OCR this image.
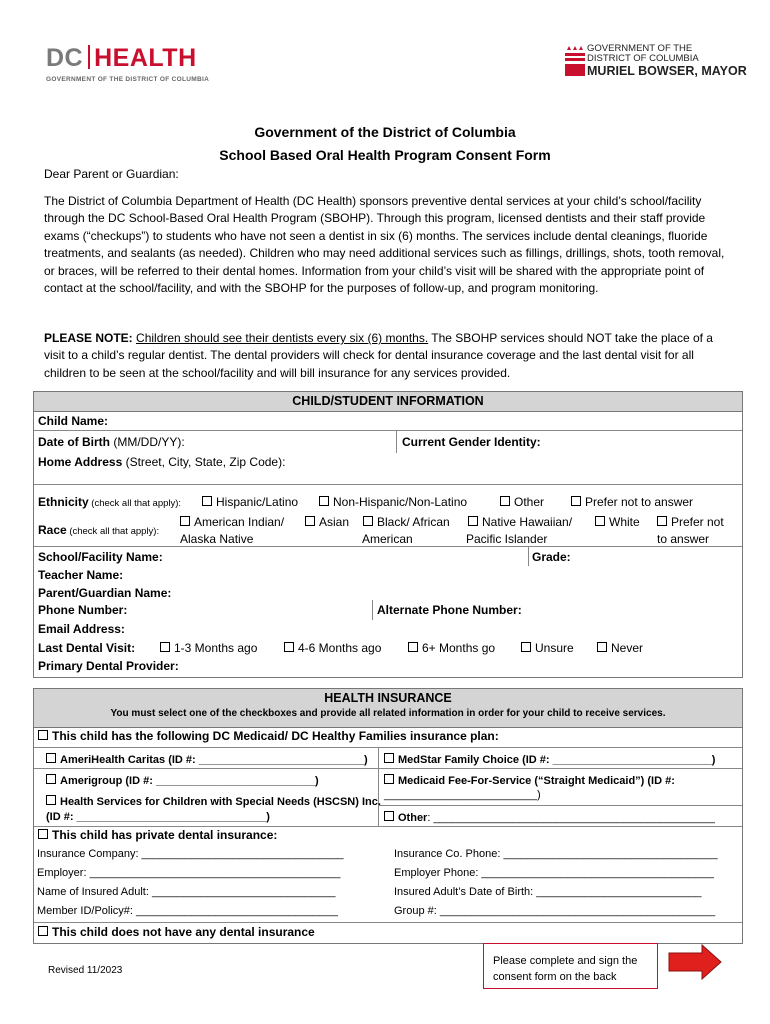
DC HEALTH
GOVERNMENT OF THE DISTRICT OF COLUMBIA
GOVERNMENT OF THE
DISTRICT OF COLUMBIA
MURIEL BOWSER, MAYOR
Government of the District of Columbia
School Based Oral Health Program Consent Form
Dear Parent or Guardian:
The District of Columbia Department of Health (DC Health) sponsors preventive dental services at your child’s school/facility through the DC School-Based Oral Health Program (SBOHP). Through this program, licensed dentists and their staff provide exams (“checkups”) to students who have not seen a dentist in six (6) months. The services include dental cleanings, fluoride treatments, and sealants (as needed). Children who may need additional services such as fillings, drillings, shots, tooth removal, or braces, will be referred to their dental homes. Information from your child’s visit will be shared with the appropriate point of contact at the school/facility, and with the SBOHP for the purposes of follow-up, and program monitoring.
PLEASE NOTE: Children should see their dentists every six (6) months. The SBOHP services should NOT take the place of a visit to a child’s regular dentist. The dental providers will check for dental insurance coverage and the last dental visit for all children to be seen at the school/facility and will bill insurance for any services provided.
CHILD/STUDENT INFORMATION
Child Name:
Date of Birth (MM/DD/YY):	Current Gender Identity:
Home Address (Street, City, State, Zip Code):
Ethnicity (check all that apply):	Hispanic/Latino	Non-Hispanic/Non-Latino	Other	Prefer not to answer
Race (check all that apply):
American Indian/
Alaska Native
Asian	Black/ African
American
Native Hawaiian/
Pacific Islander
White	Prefer not
to answer
School/Facility Name:	Grade:
Teacher Name:
Parent/Guardian Name:
Phone Number:	Alternate Phone Number:
Email Address:
Last Dental Visit:	1-3 Months ago	4-6 Months ago	6+ Months go	Unsure	Never
Primary Dental Provider:
HEALTH INSURANCE
You must select one of the checkboxes and provide all related information in order for your child to receive services.
This child has the following DC Medicaid/ DC Healthy Families insurance plan:
AmeriHealth Caritas (ID #: ___________________________)	MedStar Family Choice (ID #: __________________________)
Amerigroup (ID #: __________________________)	Medicaid Fee-For-Service (“Straight Medicaid”) (ID #:
_________________________)
Health Services for Children with Special Needs (HSCSN) Inc.
(ID #: _______________________________)	Other: ______________________________________________
This child has private dental insurance:
Insurance Company: _________________________________	Insurance Co. Phone: ___________________________________
Employer: _________________________________________	Employer Phone: ______________________________________
Name of Insured Adult: ______________________________	Insured Adult’s Date of Birth: ___________________________
Member ID/Policy#: _________________________________	Group #: _____________________________________________
This child does not have any dental insurance
Revised 11/2023
Please complete and sign the consent form on the back
